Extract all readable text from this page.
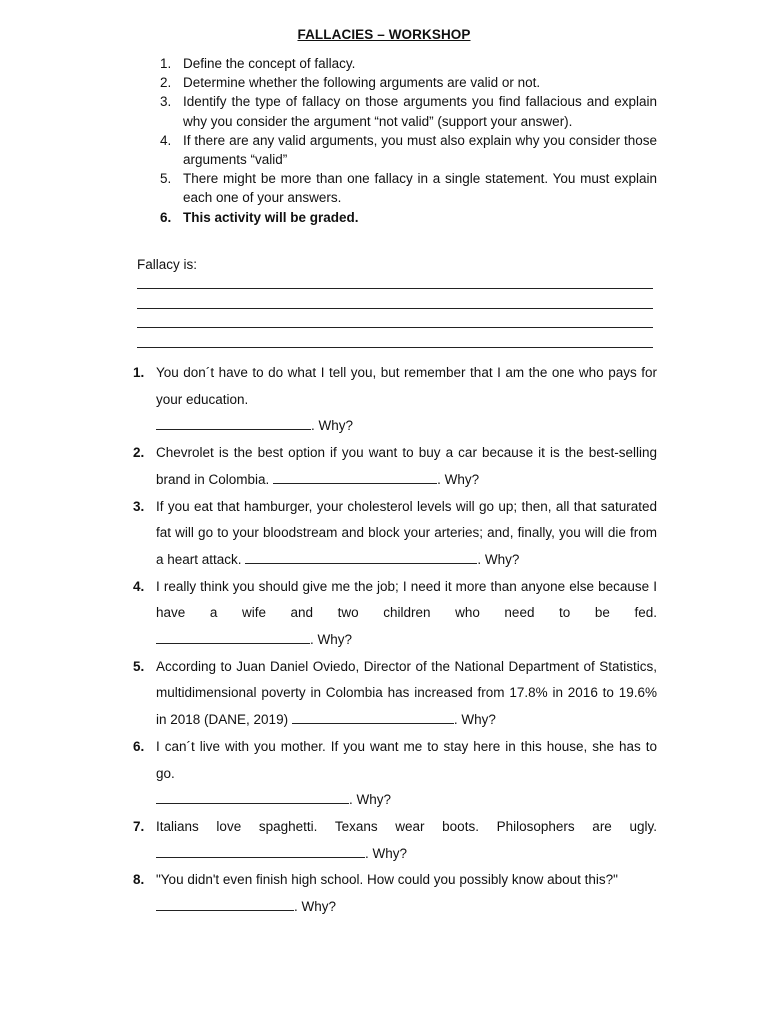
FALLACIES – WORKSHOP
1. Define the concept of fallacy.
2. Determine whether the following arguments are valid or not.
3. Identify the type of fallacy on those arguments you find fallacious and explain why you consider the argument “not valid” (support your answer).
4. If there are any valid arguments, you must also explain why you consider those arguments “valid”
5. There might be more than one fallacy in a single statement. You must explain each one of your answers.
6. This activity will be graded.
Fallacy is:
1. You don´t have to do what I tell you, but remember that I am the one who pays for your education.
. Why?
2. Chevrolet is the best option if you want to buy a car because it is the best-selling brand in Colombia.	. Why?
3. If you eat that hamburger, your cholesterol levels will go up; then, all that saturated fat will go to your bloodstream and block your arteries; and, finally, you will die from a heart attack.	. Why?
4. I really think you should give me the job; I need it more than anyone else because I have a wife and two children who need to be fed.
. Why?
5. According to Juan Daniel Oviedo, Director of the National Department of Statistics, multidimensional poverty in Colombia has increased from 17.8% in 2016 to 19.6% in 2018 (DANE, 2019)	. Why?
6. I can´t live with you mother. If you want me to stay here in this house, she has to go.
. Why?
7. Italians love spaghetti. Texans wear boots. Philosophers are ugly.
. Why?
8. "You didn't even finish high school. How could you possibly know about this?"
. Why?
